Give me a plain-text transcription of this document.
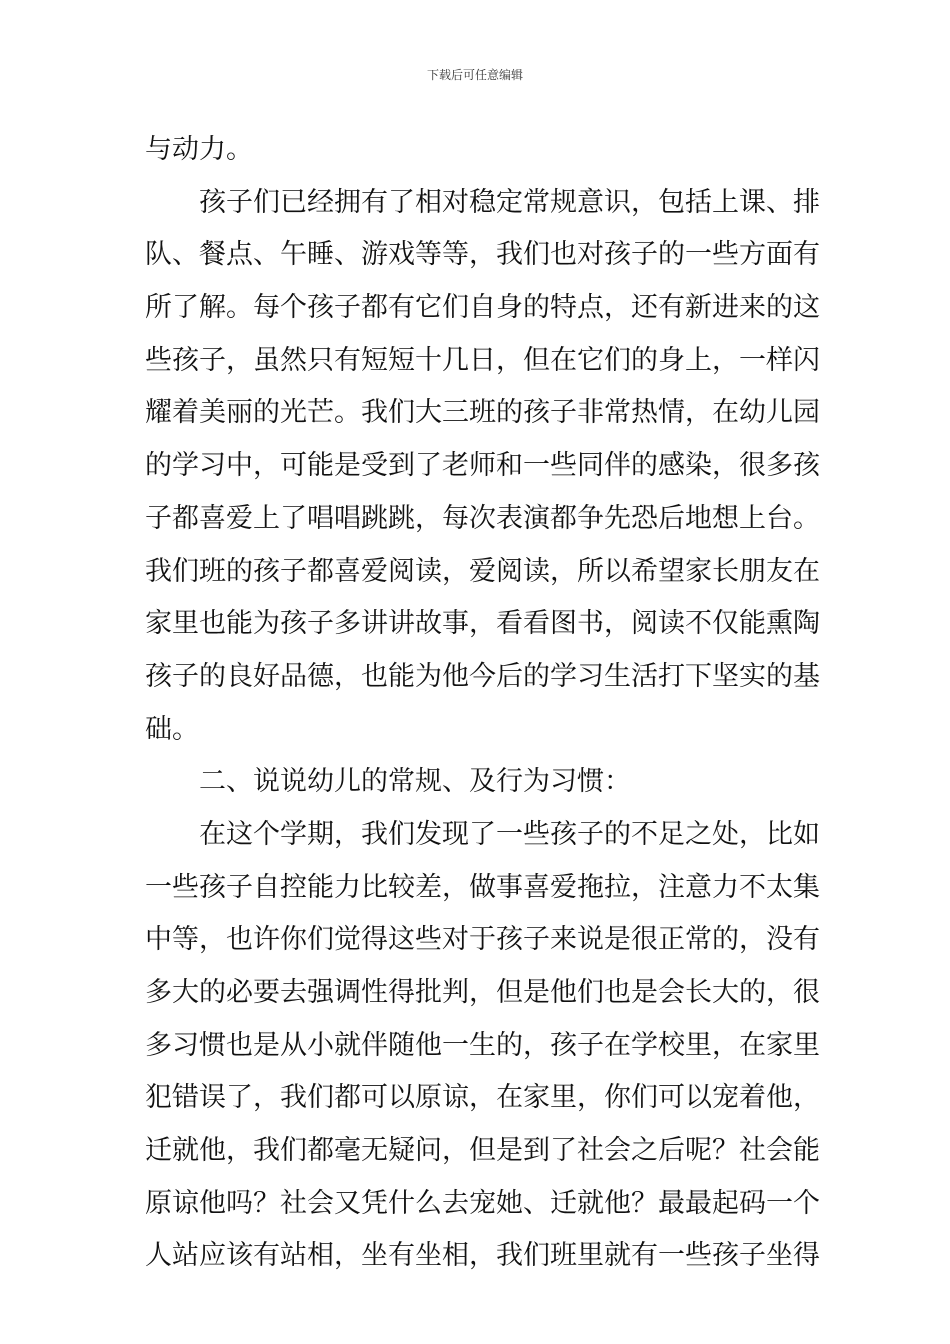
下载后可任意编辑
与动力。
孩子们已经拥有了相对稳定常规意识，包括上课、排
队、餐点、午睡、游戏等等，我们也对孩子的一些方面有
所了解。每个孩子都有它们自身的特点，还有新进来的这
些孩子，虽然只有短短十几日，但在它们的身上，一样闪
耀着美丽的光芒。我们大三班的孩子非常热情，在幼儿园
的学习中，可能是受到了老师和一些同伴的感染，很多孩
子都喜爱上了唱唱跳跳，每次表演都争先恐后地想上台。
我们班的孩子都喜爱阅读，爱阅读，所以希望家长朋友在
家里也能为孩子多讲讲故事，看看图书，阅读不仅能熏陶
孩子的良好品德，也能为他今后的学习生活打下坚实的基
础。
二、说说幼儿的常规、及行为习惯：
在这个学期，我们发现了一些孩子的不足之处，比如
一些孩子自控能力比较差，做事喜爱拖拉，注意力不太集
中等，也许你们觉得这些对于孩子来说是很正常的，没有
多大的必要去强调性得批判，但是他们也是会长大的，很
多习惯也是从小就伴随他一生的，孩子在学校里，在家里
犯错误了，我们都可以原谅，在家里，你们可以宠着他，
迁就他，我们都毫无疑问，但是到了社会之后呢？社会能
原谅他吗？社会又凭什么去宠她、迁就他？最最起码一个
人站应该有站相，坐有坐相，我们班里就有一些孩子坐得
